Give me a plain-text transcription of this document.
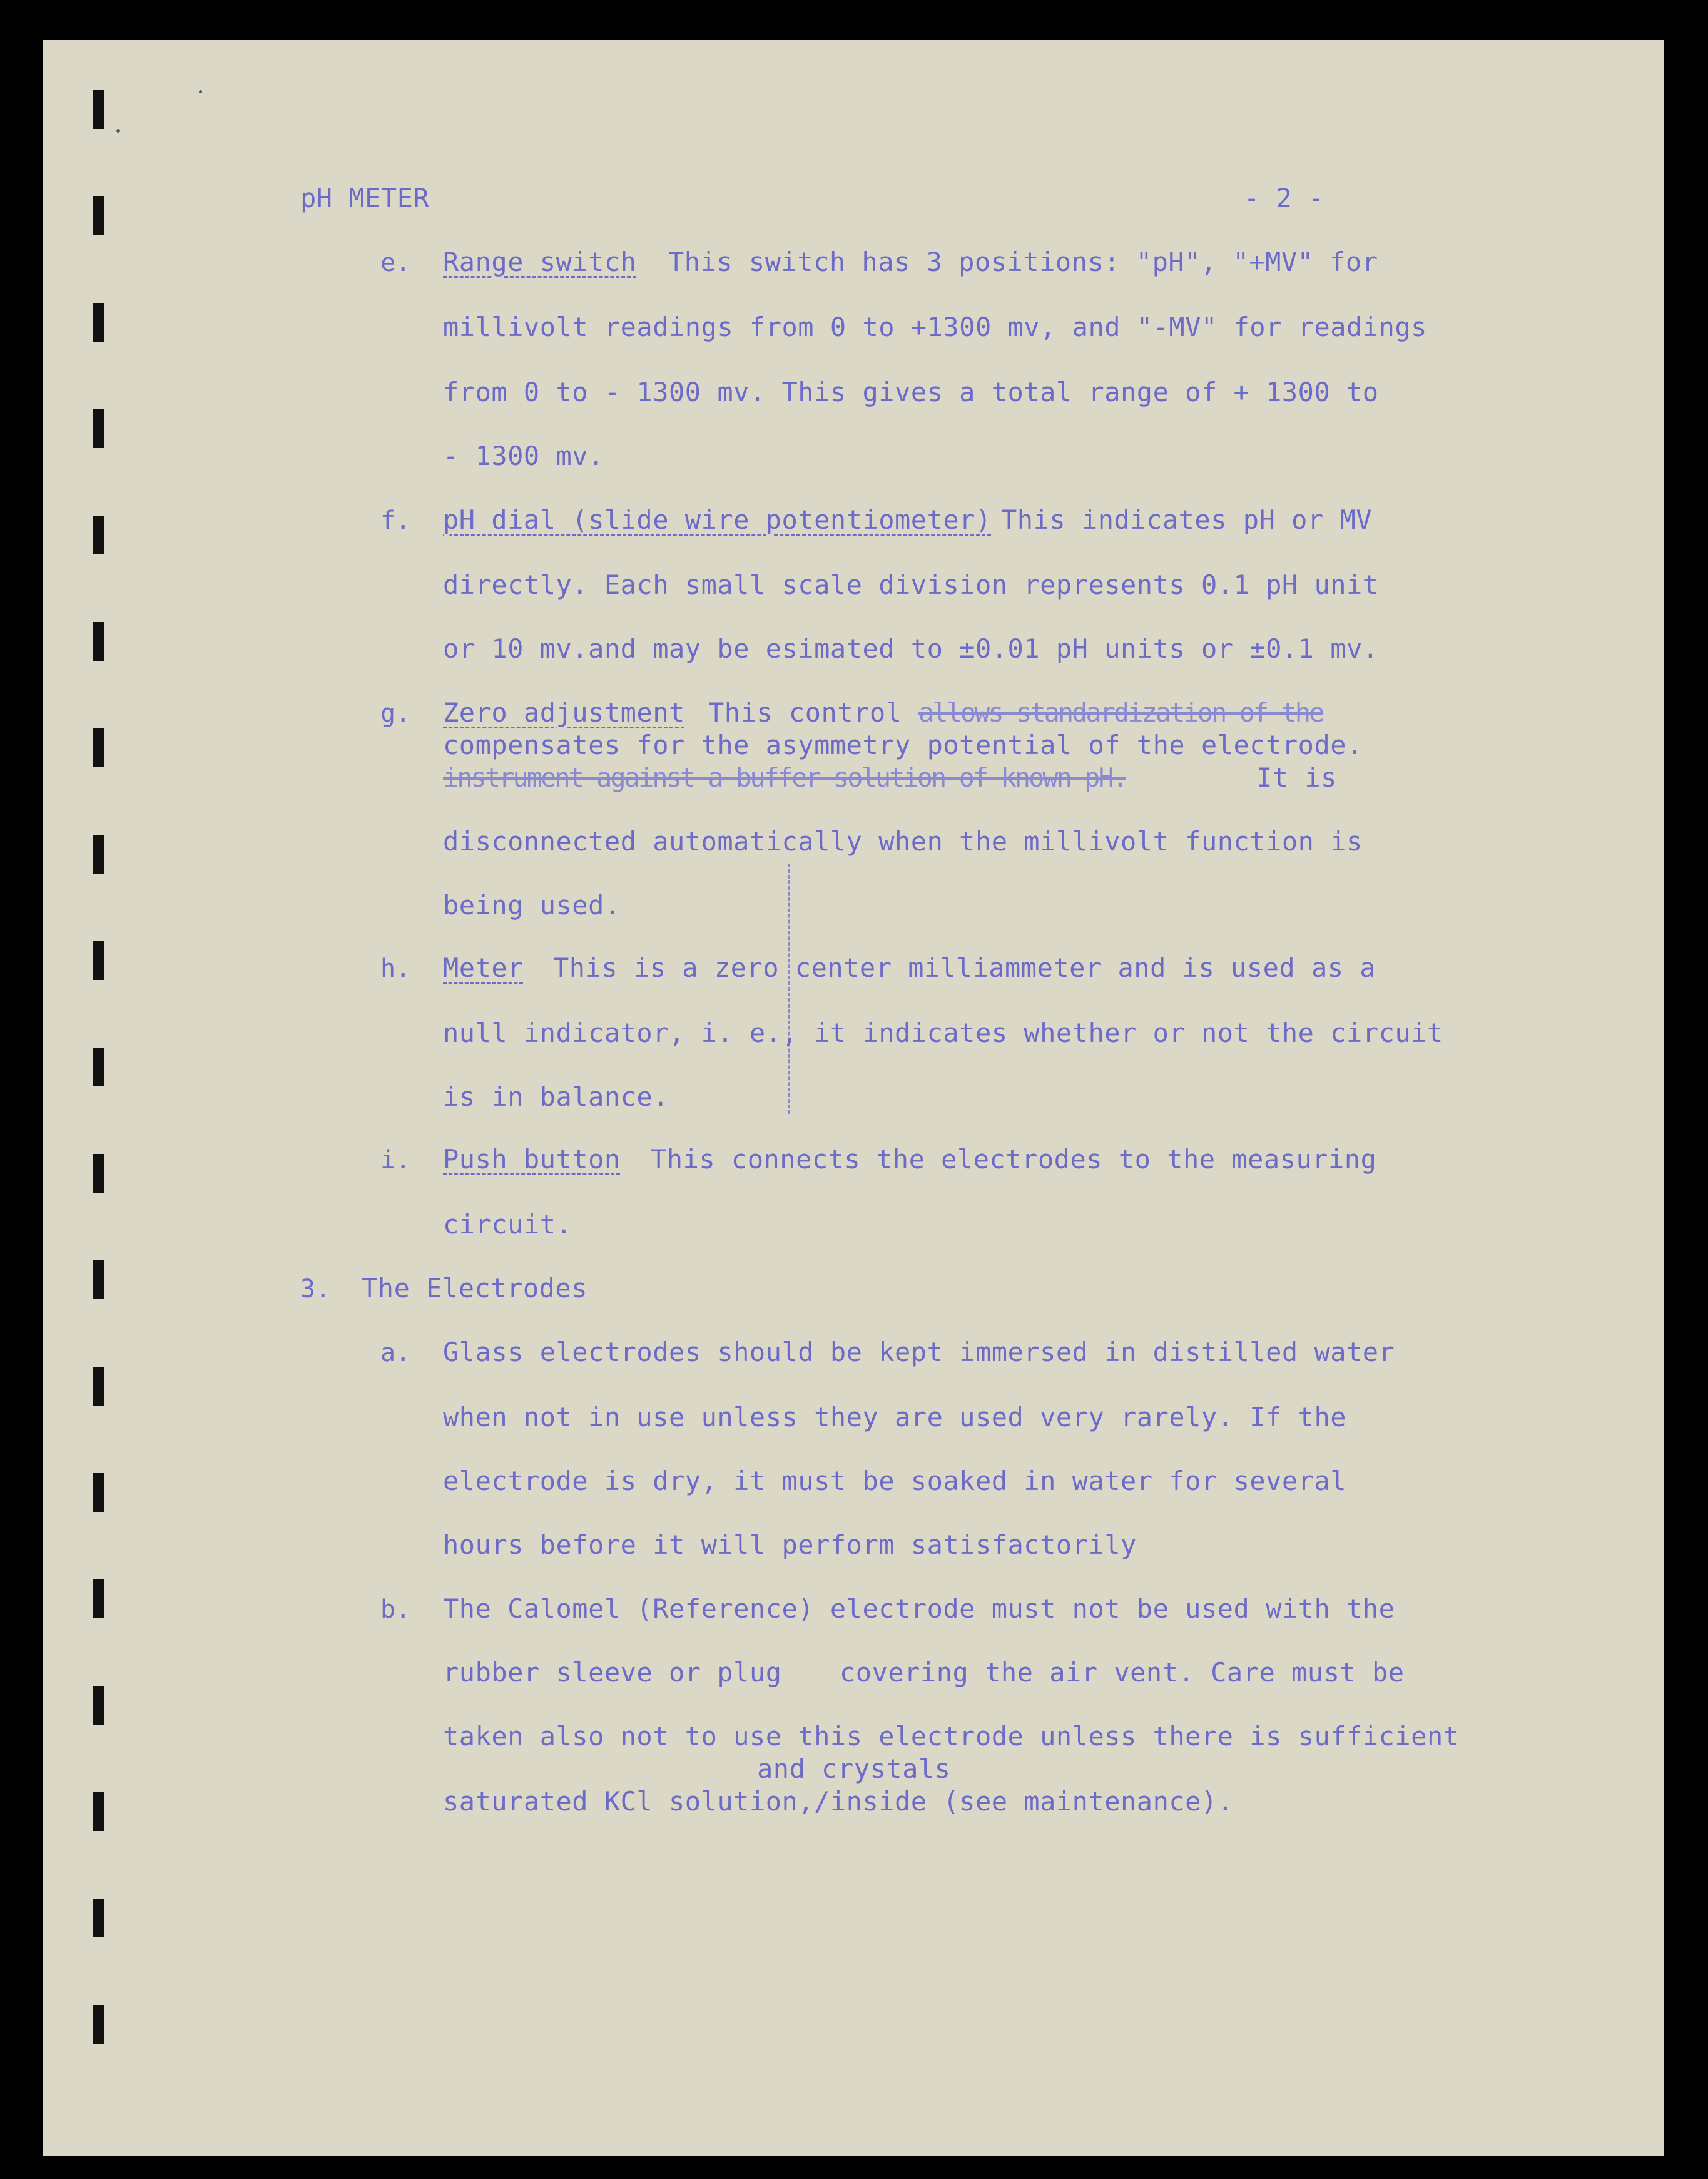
pH METER	- 2 -
e. Range switch This switch has 3 positions: "pH", "+MV" for
millivolt readings from 0 to +1300 mv, and "-MV" for readings
from 0 to - 1300 mv. This gives a total range of + 1300 to
- 1300 mv.
f. pH dial (slide wire potentiometer) This indicates pH or MV
directly. Each small scale division represents 0.1 pH unit
or 10 mv.and may be esimated to ±0.01 pH units or ±0.1 mv.
g. Zero adjustment This control allows standardization of the
compensates for the asymmetry potential of the electrode.
instrument against a buffer solution of known pH.	It is
disconnected automatically when the millivolt function is
being used.
h. Meter This is a zero center milliammeter and is used as a
null indicator, i. e., it indicates whether or not the circuit
is in balance.
i. Push button This connects the electrodes to the measuring
circuit.
3. The Electrodes
a. Glass electrodes should be kept immersed in distilled water
when not in use unless they are used very rarely. If the
electrode is dry, it must be soaked in water for several
hours before it will perform satisfactorily
b. The Calomel (Reference) electrode must not be used with the
rubber sleeve or plug covering the air vent. Care must be
taken also not to use this electrode unless there is sufficient
and crystals
saturated KCl solution,/inside (see maintenance).
